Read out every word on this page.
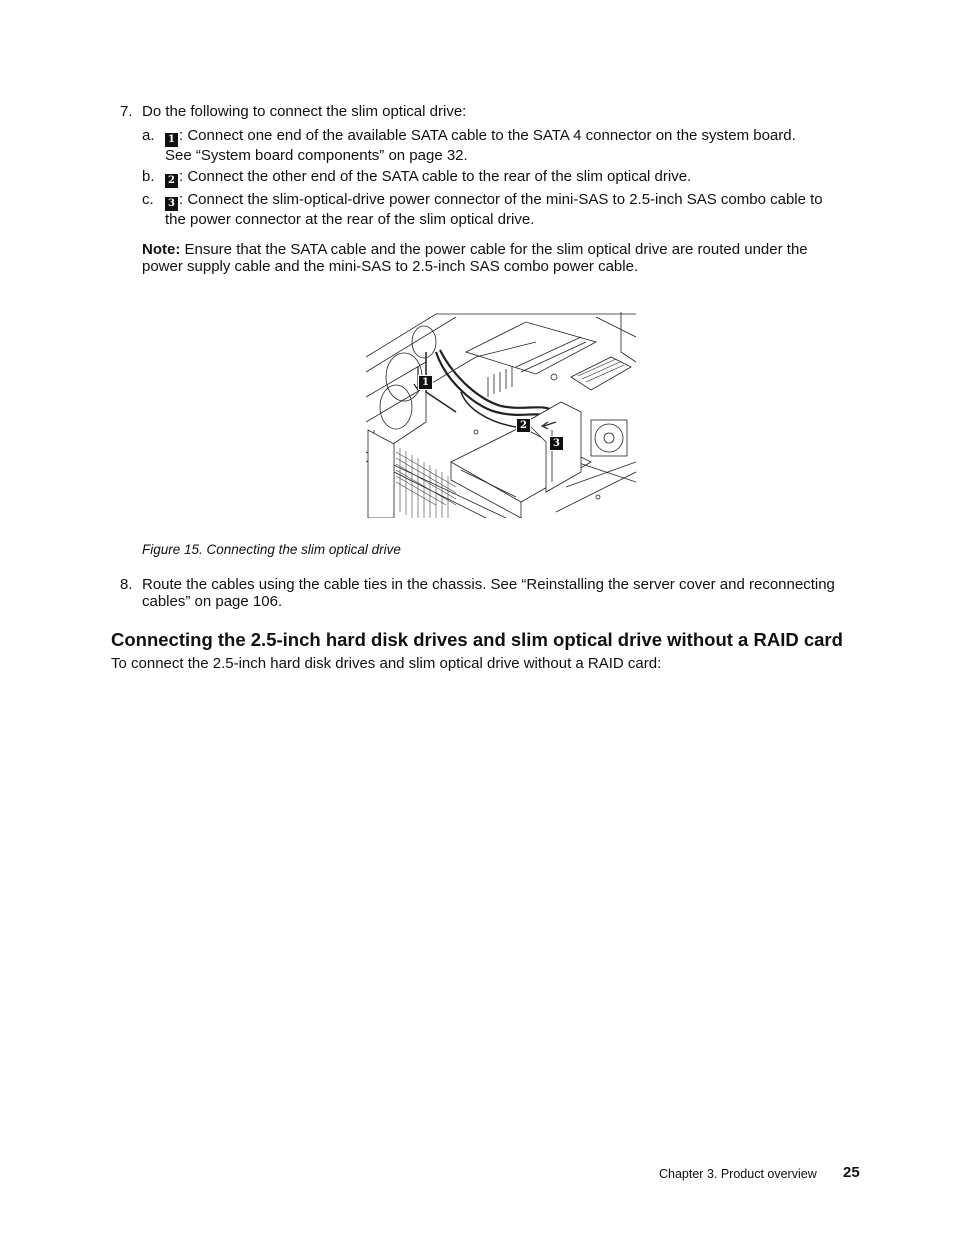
7. Do the following to connect the slim optical drive:

a.	1 : Connect one end of the available SATA cable to the SATA 4 connector on the system board.
See “System board components” on page 32.

b.	2 : Connect the other end of the SATA cable to the rear of the slim optical drive.

c.	3 : Connect the slim-optical-drive power connector of the mini-SAS to 2.5-inch SAS combo cable to
the power connector at the rear of the slim optical drive.

Note: Ensure that the SATA cable and the power cable for the slim optical drive are routed under the
power supply cable and the mini-SAS to 2.5-inch SAS combo power cable.

1
2
3

Figure 15. Connecting the slim optical drive

8. Route the cables using the cable ties in the chassis. See “Reinstalling the server cover and reconnecting
cables” on page 106.

Connecting the 2.5-inch hard disk drives and slim optical drive without a RAID card

To connect the 2.5-inch hard disk drives and slim optical drive without a RAID card:

Chapter 3. Product overview 25
